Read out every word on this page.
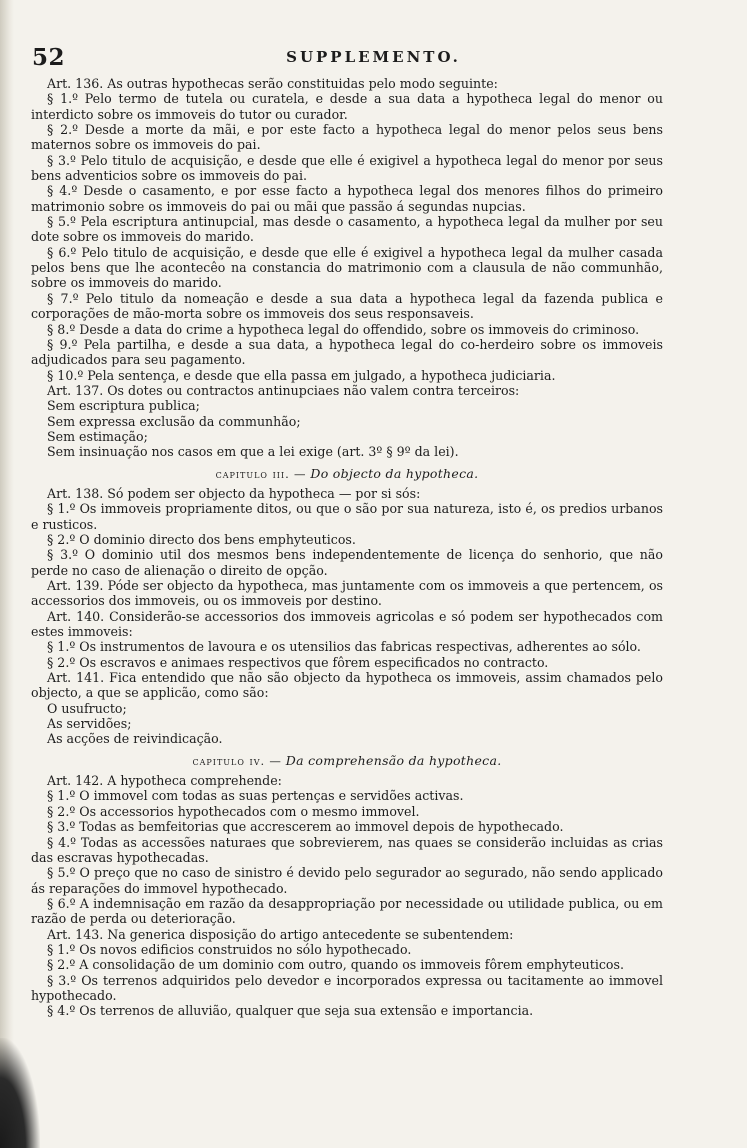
52	SUPPLEMENTO.

Art. 136. As outras hypothecas serão constituidas pelo modo seguinte:

§ 1.º Pelo termo de tutela ou curatela, e desde a sua data a hypotheca legal do menor ou interdicto sobre os immoveis do tutor ou curador.

§ 2.º Desde a morte da mãi, e por este facto a hypotheca legal do menor pelos seus bens maternos sobre os immoveis do pai.

§ 3.º Pelo titulo de acquisição, e desde que elle é exigivel a hypotheca legal do menor por seus bens adventicios sobre os immoveis do pai.

§ 4.º Desde o casamento, e por esse facto a hypotheca legal dos menores filhos do primeiro matrimonio sobre os immoveis do pai ou mãi que passão á segundas nupcias.

§ 5.º Pela escriptura antinupcial, mas desde o casamento, a hypotheca legal da mulher por seu dote sobre os immoveis do marido.

§ 6.º Pelo titulo de acquisição, e desde que elle é exigivel a hypotheca legal da mulher casada pelos bens que lhe acontecêo na constancia do matrimonio com a clausula de não communhão, sobre os immoveis do marido.

§ 7.º Pelo titulo da nomeação e desde a sua data a hypotheca legal da fazenda publica e corporações de mão-morta sobre os immoveis dos seus responsaveis.

§ 8.º Desde a data do crime a hypotheca legal do offendido, sobre os immoveis do criminoso.

§ 9.º Pela partilha, e desde a sua data, a hypotheca legal do co-herdeiro sobre os immoveis adjudicados para seu pagamento.

§ 10.º Pela sentença, e desde que ella passa em julgado, a hypotheca judiciaria.

Art. 137. Os dotes ou contractos antinupciaes não valem contra terceiros:

Sem escriptura publica;

Sem expressa exclusão da communhão;

Sem estimação;

Sem insinuação nos casos em que a lei exige (art. 3º § 9º da lei).

capitulo iii. — Do objecto da hypotheca.

Art. 138. Só podem ser objecto da hypotheca — por si sós:

§ 1.º Os immoveis propriamente ditos, ou que o são por sua natureza, isto é, os predios urbanos e rusticos.

§ 2.º O dominio directo dos bens emphyteuticos.

§ 3.º O dominio util dos mesmos bens independentemente de licença do senhorio, que não perde no caso de alienação o direito de opção.

Art. 139. Póde ser objecto da hypotheca, mas juntamente com os immoveis a que pertencem, os accessorios dos immoveis, ou os immoveis por destino.

Art. 140. Considerão-se accessorios dos immoveis agricolas e só podem ser hypothecados com estes immoveis:

§ 1.º Os instrumentos de lavoura e os utensilios das fabricas respectivas, adherentes ao sólo.

§ 2.º Os escravos e animaes respectivos que fôrem especificados no contracto.

Art. 141. Fica entendido que não são objecto da hypotheca os immoveis, assim chamados pelo objecto, a que se applicão, como são:

O usufructo;

As servidões;

As acções de reivindicação.

capitulo iv. — Da comprehensão da hypotheca.

Art. 142. A hypotheca comprehende:

§ 1.º O immovel com todas as suas pertenças e servidões activas.

§ 2.º Os accessorios hypothecados com o mesmo immovel.

§ 3.º Todas as bemfeitorias que accrescerem ao immovel depois de hypothecado.

§ 4.º Todas as accessões naturaes que sobrevierem, nas quaes se considerão incluidas as crias das escravas hypothecadas.

§ 5.º O preço que no caso de sinistro é devido pelo segurador ao segurado, não sendo applicado ás reparações do immovel hypothecado.

§ 6.º A indemnisação em razão da desappropriação por necessidade ou utilidade publica, ou em razão de perda ou deterioração.

Art. 143. Na generica disposição do artigo antecedente se subentendem:

§ 1.º Os novos edificios construidos no sólo hypothecado.

§ 2.º A consolidação de um dominio com outro, quando os immoveis fôrem emphyteuticos.

§ 3.º Os terrenos adquiridos pelo devedor e incorporados expressa ou tacitamente ao immovel hypothecado.

§ 4.º Os terrenos de alluvião, qualquer que seja sua extensão e importancia.
